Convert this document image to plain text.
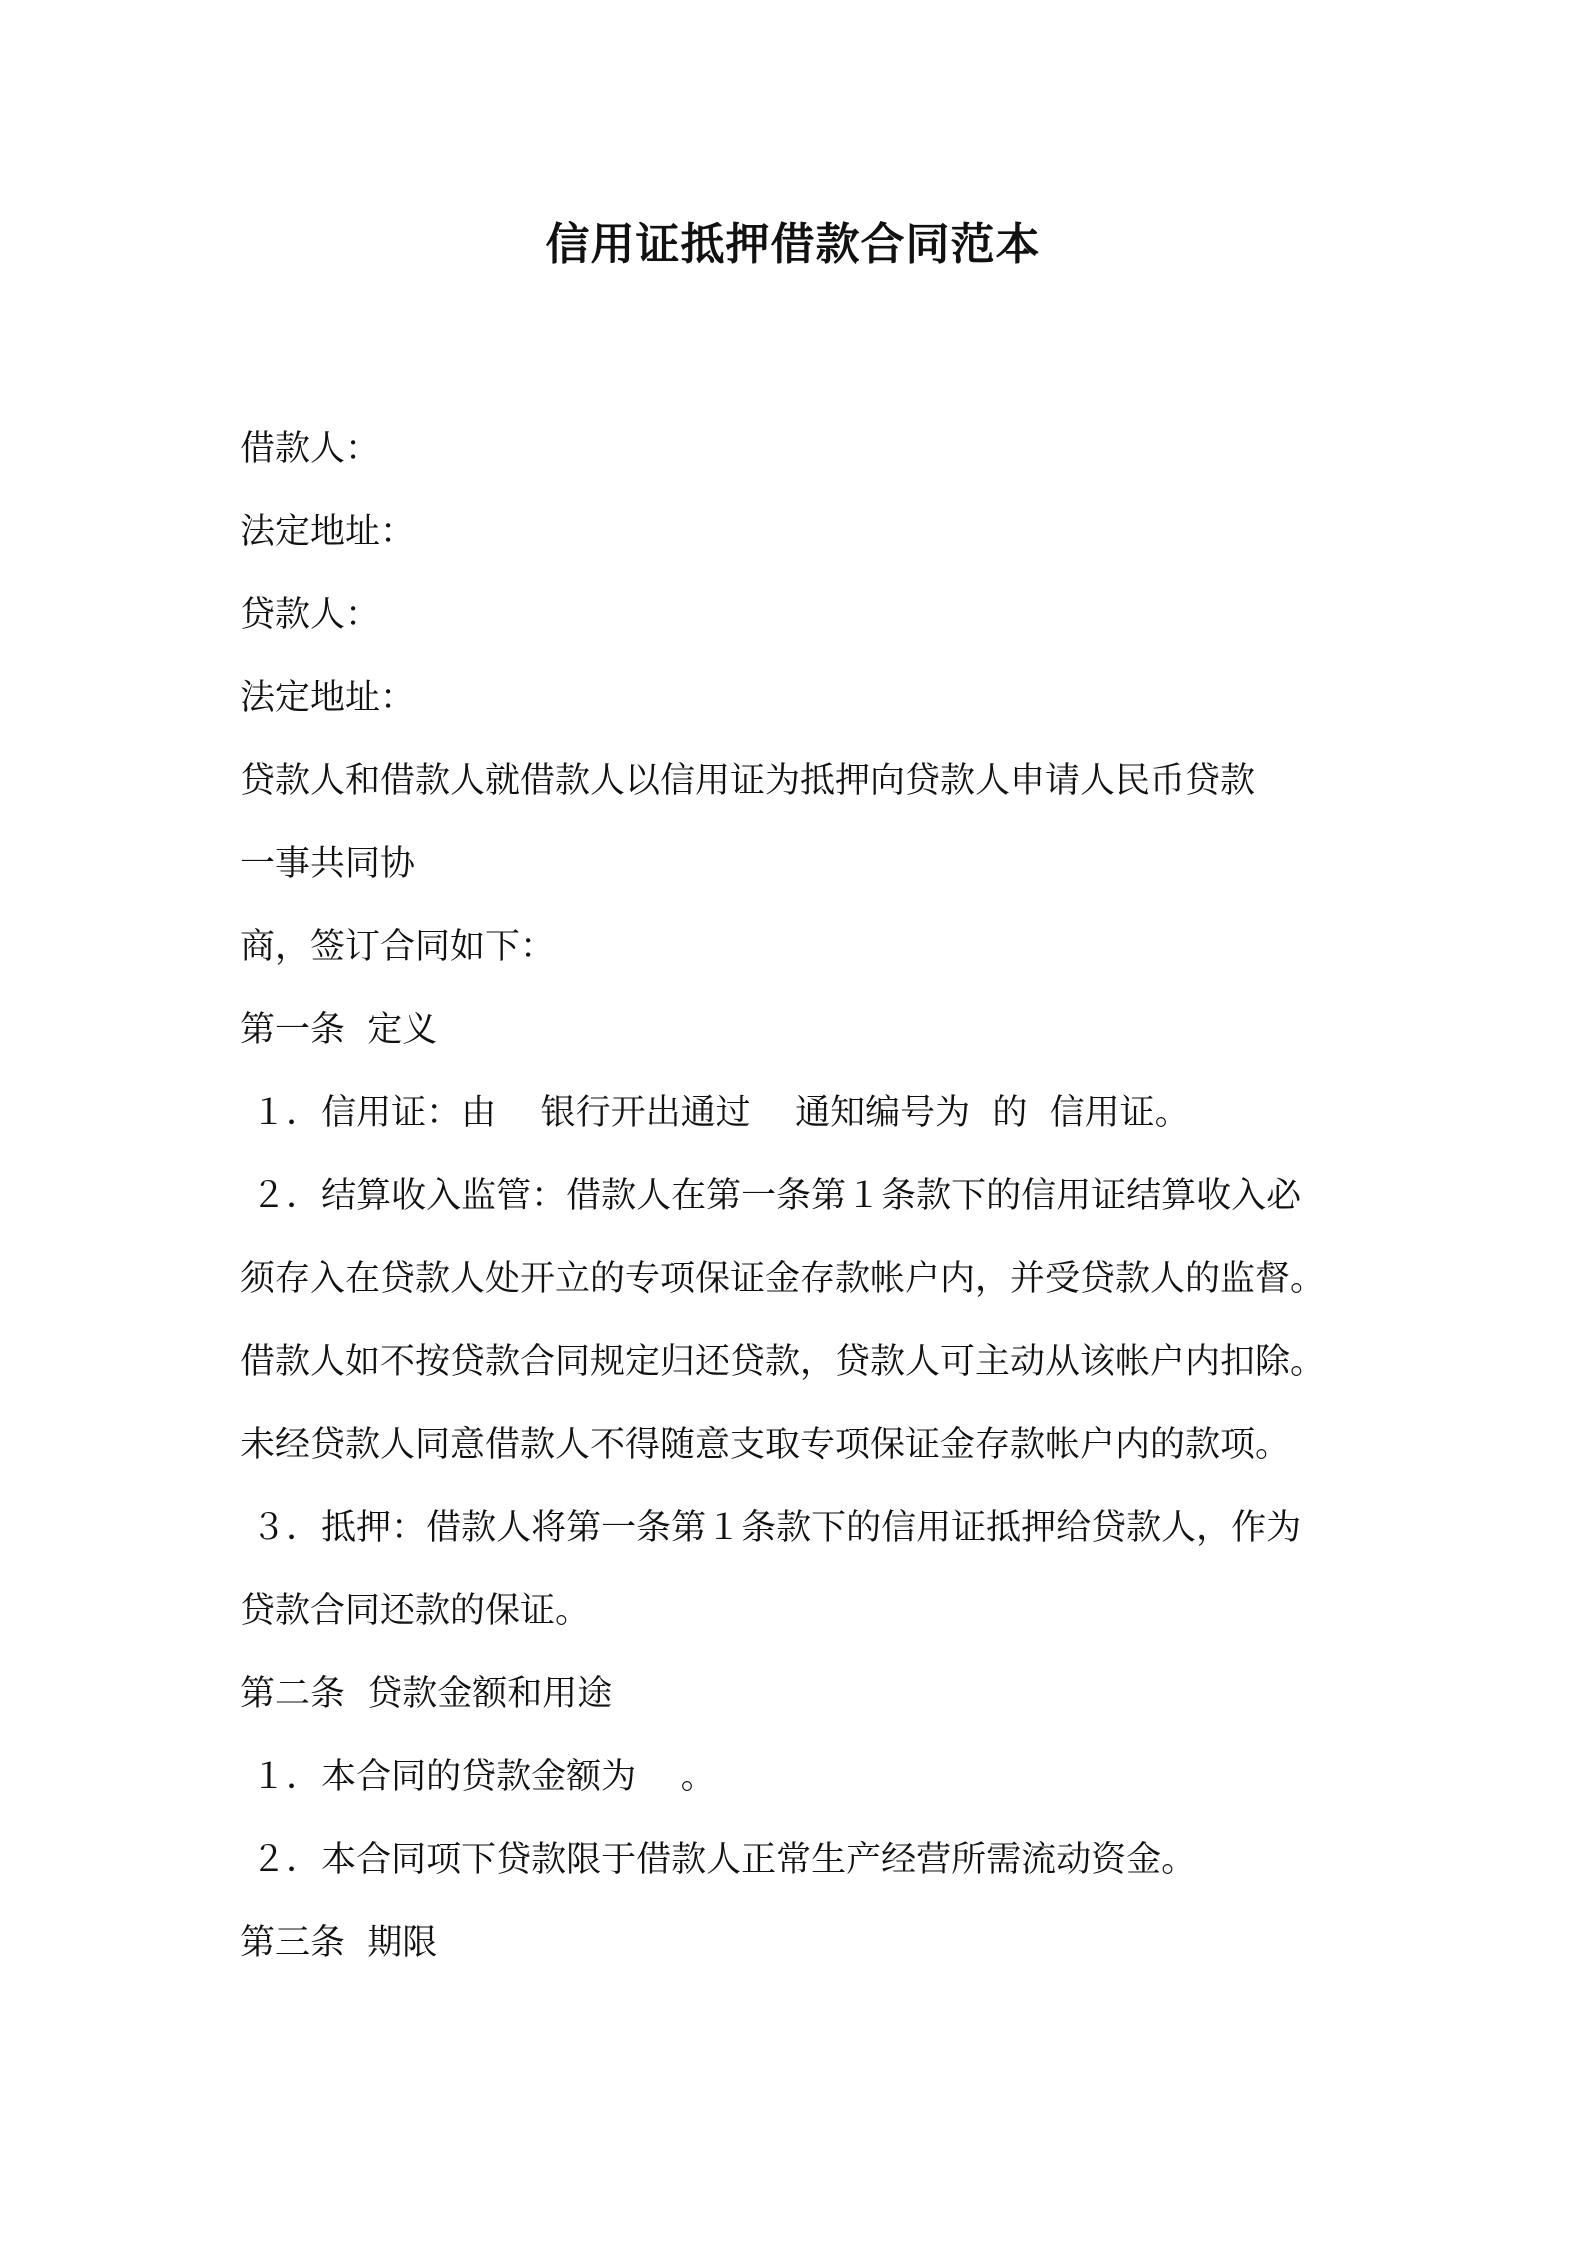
信用证抵押借款合同范本
借款人：
法定地址：
贷款人：
法定地址：
贷款人和借款人就借款人以信用证为抵押向贷款人申请人民币贷款
一事共同协
商，签订合同如下：
第一条  定义
１．信用证：由    银行开出通过    通知编号为  的  信用证。
２．结算收入监管：借款人在第一条第１条款下的信用证结算收入必
须存入在贷款人处开立的专项保证金存款帐户内，并受贷款人的监督。
借款人如不按贷款合同规定归还贷款，贷款人可主动从该帐户内扣除。
未经贷款人同意借款人不得随意支取专项保证金存款帐户内的款项。
３．抵押：借款人将第一条第１条款下的信用证抵押给贷款人，作为
贷款合同还款的保证。
第二条  贷款金额和用途
１．本合同的贷款金额为    。
２．本合同项下贷款限于借款人正常生产经营所需流动资金。
第三条  期限
